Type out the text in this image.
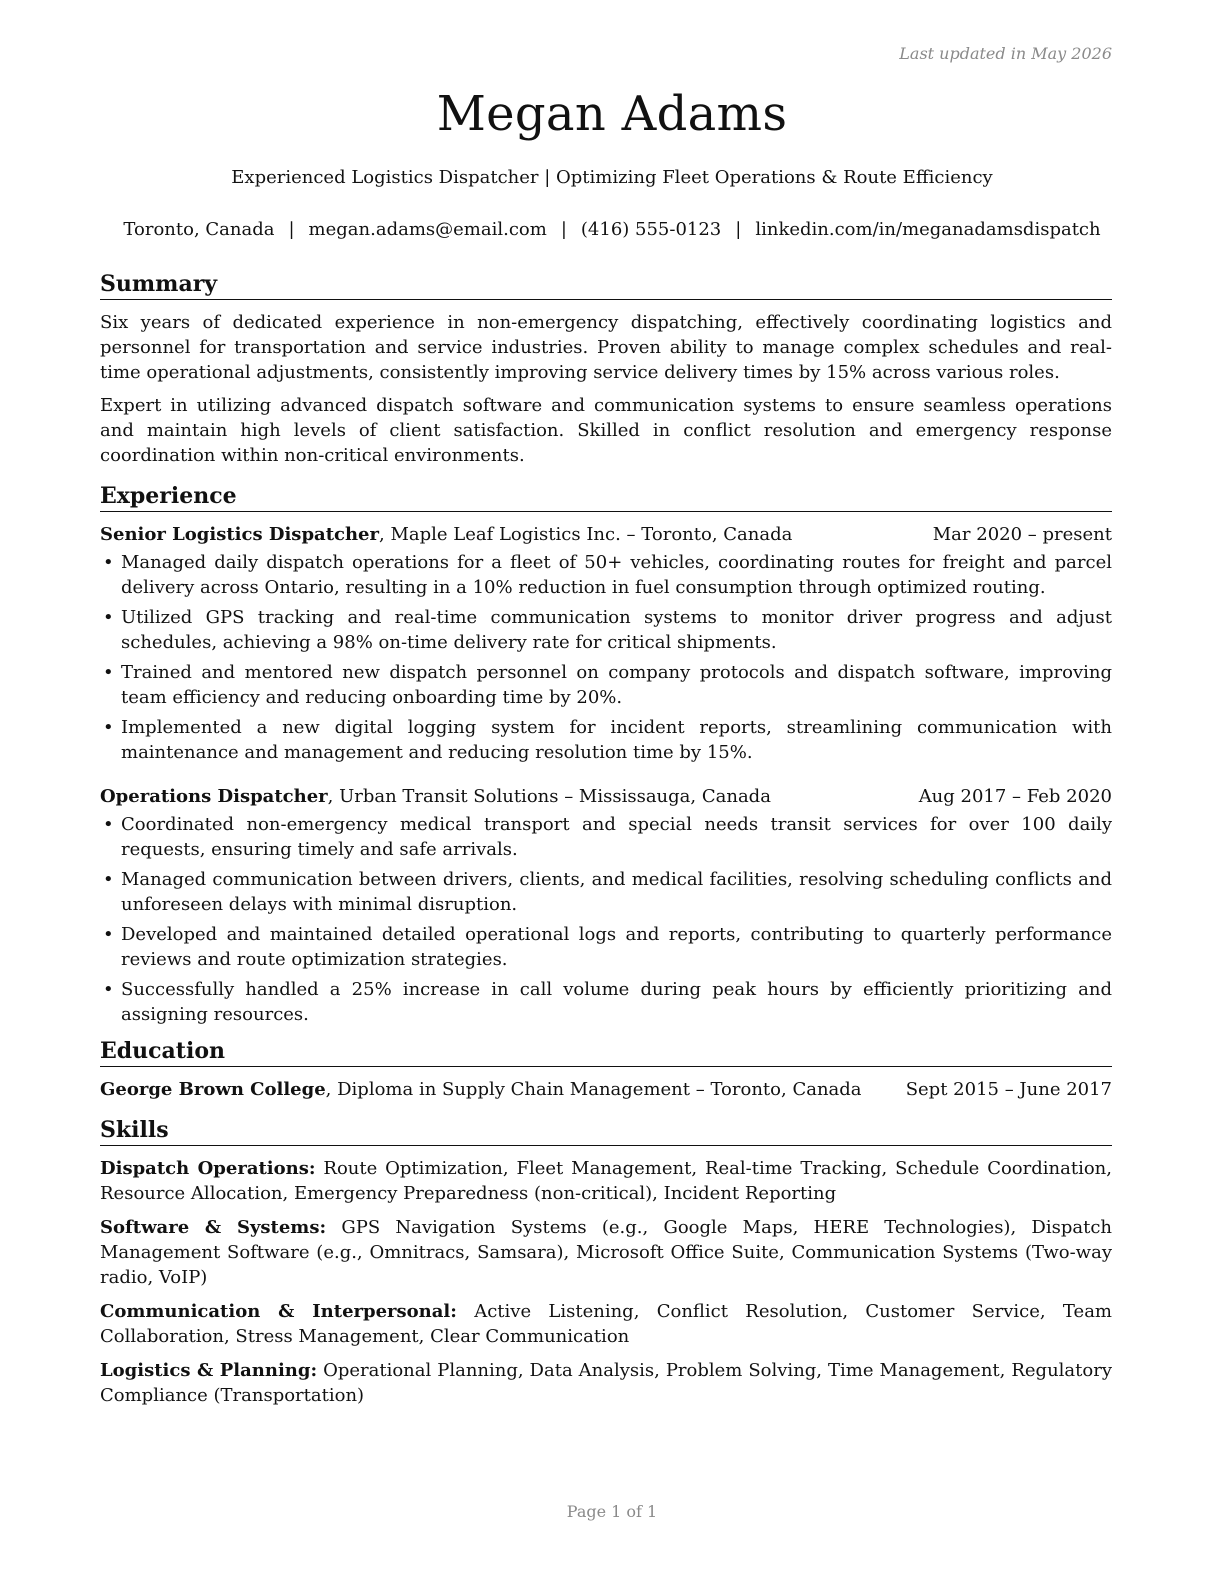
Last updated in May 2026
Megan Adams
Experienced Logistics Dispatcher | Optimizing Fleet Operations & Route Efficiency
Toronto, Canada | megan.adams@email.com | (416) 555-0123 | linkedin.com/in/meganadamsdispatch
Summary

Six years of dedicated experience in non-emergency dispatching, effectively coordinating logistics and personnel for transportation and service industries. Proven ability to manage complex schedules and real-time operational adjustments, consistently improving service delivery times by 15% across various roles.

Expert in utilizing advanced dispatch software and communication systems to ensure seamless operations and maintain high levels of client satisfaction. Skilled in conflict resolution and emergency response coordination within non-critical environments.

Experience
Senior Logistics Dispatcher, Maple Leaf Logistics Inc. – Toronto, Canada	Mar 2020 – present
• Managed daily dispatch operations for a fleet of 50+ vehicles, coordinating routes for freight and parcel delivery across Ontario, resulting in a 10% reduction in fuel consumption through optimized routing.
• Utilized GPS tracking and real-time communication systems to monitor driver progress and adjust schedules, achieving a 98% on-time delivery rate for critical shipments.
• Trained and mentored new dispatch personnel on company protocols and dispatch software, improving team efficiency and reducing onboarding time by 20%.
• Implemented a new digital logging system for incident reports, streamlining communication with maintenance and management and reducing resolution time by 15%.
Operations Dispatcher, Urban Transit Solutions – Mississauga, Canada	Aug 2017 – Feb 2020
• Coordinated non-emergency medical transport and special needs transit services for over 100 daily requests, ensuring timely and safe arrivals.
• Managed communication between drivers, clients, and medical facilities, resolving scheduling conflicts and unforeseen delays with minimal disruption.
• Developed and maintained detailed operational logs and reports, contributing to quarterly performance reviews and route optimization strategies.
• Successfully handled a 25% increase in call volume during peak hours by efficiently prioritizing and assigning resources.
Education
George Brown College, Diploma in Supply Chain Management – Toronto, Canada Sept 2015 – June 2017
Skills

Dispatch Operations: Route Optimization, Fleet Management, Real-time Tracking, Schedule Coordination, Resource Allocation, Emergency Preparedness (non-critical), Incident Reporting

Software & Systems: GPS Navigation Systems (e.g., Google Maps, HERE Technologies), Dispatch Management Software (e.g., Omnitracs, Samsara), Microsoft Office Suite, Communication Systems (Two-way radio, VoIP)

Communication & Interpersonal: Active Listening, Conflict Resolution, Customer Service, Team Collaboration, Stress Management, Clear Communication

Logistics & Planning: Operational Planning, Data Analysis, Problem Solving, Time Management, Regulatory Compliance (Transportation)

Page 1 of 1
